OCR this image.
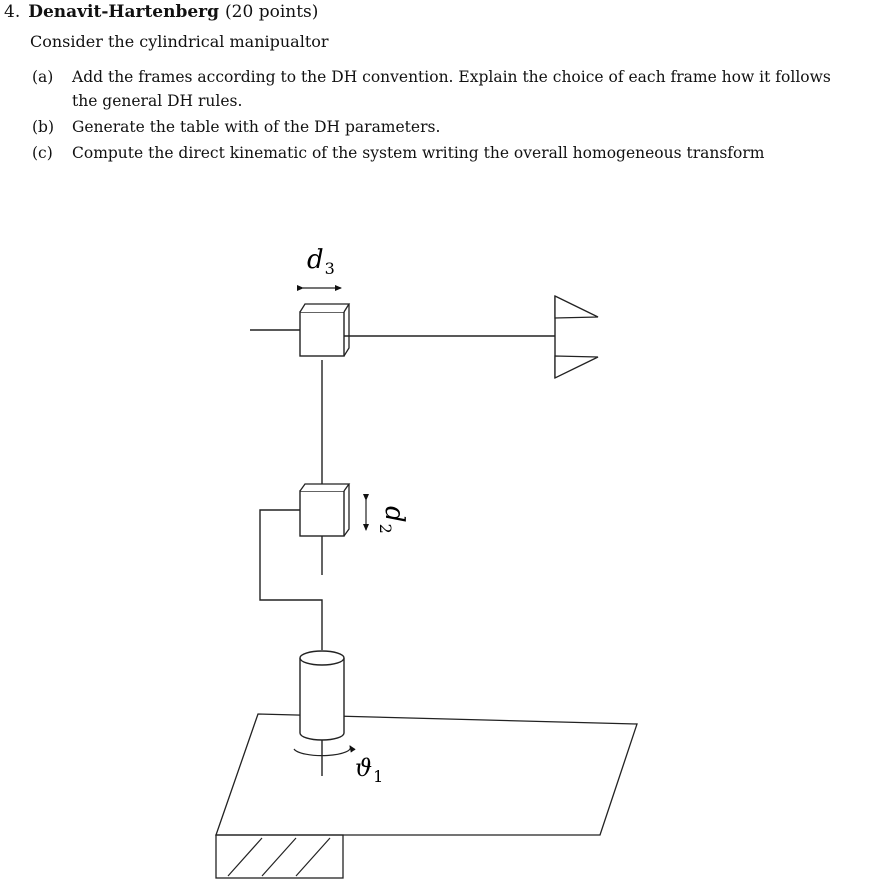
4. Denavit-Hartenberg (20 points)
Consider the cylindrical manipualtor
(a) Add the frames according to the DH convention. Explain the choice of each frame how it follows
the general DH rules.
(b) Generate the table with of the DH parameters.
(c) Compute the direct kinematic of the system writing the overall homogeneous transform
$d_3$
$d_2$
$ϑ_1$
